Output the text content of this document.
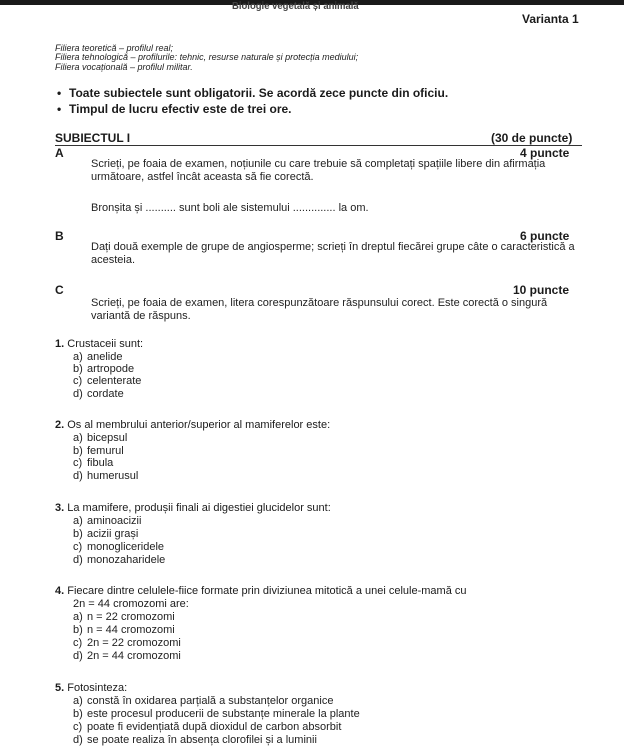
Biologie vegetală și animală
Varianta 1
Filiera teoretică – profilul real;
Filiera tehnologică – profilurile: tehnic, resurse naturale și protecția mediului;
Filiera vocațională – profilul militar.
• Toate subiectele sunt obligatorii. Se acordă zece puncte din oficiu.
• Timpul de lucru efectiv este de trei ore.
SUBIECTUL I	(30 de puncte)
A	4 puncte
Scrieți, pe foaia de examen, noțiunile cu care trebuie să completați spațiile libere din afirmația următoare, astfel încât aceasta să fie corectă.
Bronșita și .......... sunt boli ale sistemului .............. la om.
B	6 puncte
Dați două exemple de grupe de angiosperme; scrieți în dreptul fiecărei grupe câte o caracteristică a acesteia.
C	10 puncte
Scrieți, pe foaia de examen, litera corespunzătoare răspunsului corect. Este corectă o singură variantă de răspuns.
1. Crustaceii sunt:
a) anelide
b) artropode
c) celenterate
d) cordate
2. Os al membrului anterior/superior al mamiferelor este:
a) bicepsul
b) femurul
c) fibula
d) humerusul
3. La mamifere, produșii finali ai digestiei glucidelor sunt:
a) aminoacizii
b) acizii grași
c) monogliceridele
d) monozaharidele
4. Fiecare dintre celulele-fiice formate prin diviziunea mitotică a unei celule-mamă cu
2n = 44 cromozomi are:
a) n = 22 cromozomi
b) n = 44 cromozomi
c) 2n = 22 cromozomi
d) 2n = 44 cromozomi
5. Fotosinteza:
a) constă în oxidarea parțială a substanțelor organice
b) este procesul producerii de substanțe minerale la plante
c) poate fi evidențiată după dioxidul de carbon absorbit
d) se poate realiza în absența clorofilei și a luminii
